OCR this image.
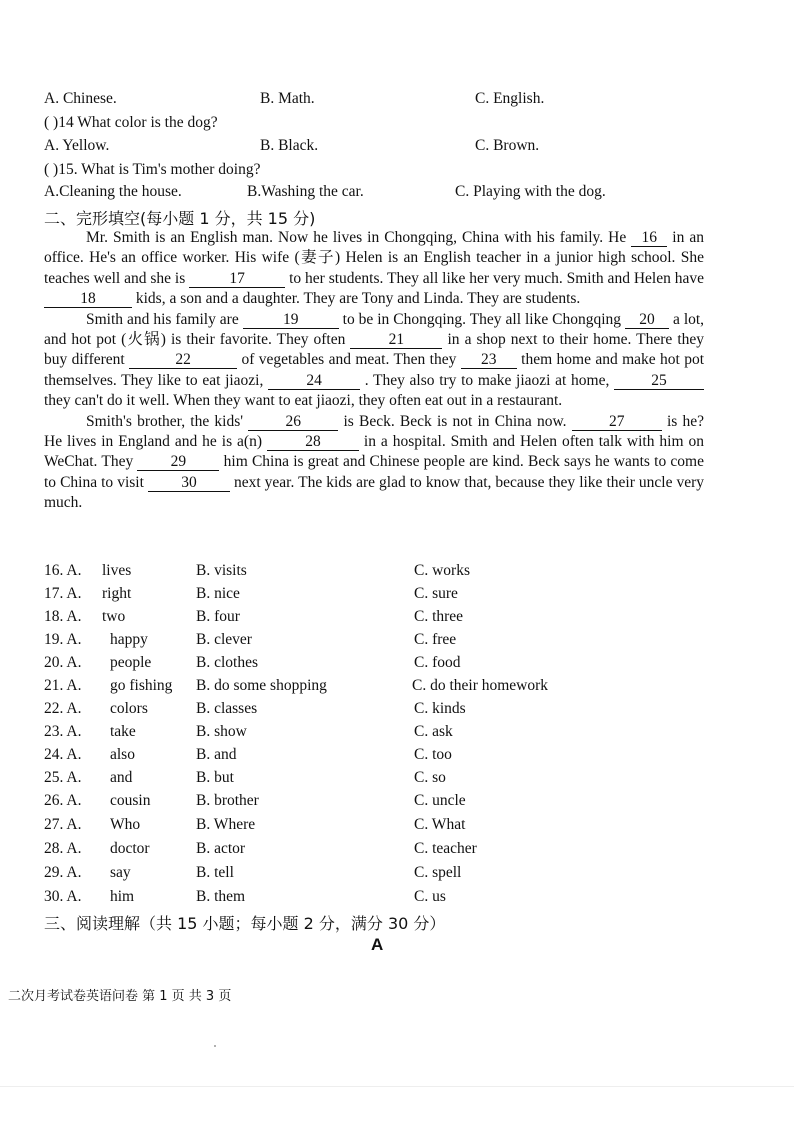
A. Chinese.	B. Math.	C. English.
( )14 What color is the dog?
A. Yellow.	B. Black.	C. Brown.
( )15. What is Tim's mother doing?
A.Cleaning the house.	B.Washing the car.	C. Playing with the dog.
二、完形填空(每小题 1 分，共 15 分)

Mr. Smith is an English man. Now he lives in Chongqing, China with his family. He 16 in an office. He's an office worker. His wife (妻子) Helen is an English teacher in a junior high school. She teaches well and she is	17	to her students. They all like her very much. Smith and Helen have 18	kids, a son and a daughter. They are Tony and Linda. They are students.

Smith and his family are	19	to be in Chongqing. They all like Chongqing 20 a lot, and hot pot (火锅) is their favorite. They often	21	in a shop next to their home. There they buy different	22	of vegetables and meat. Then they 23 them home and make hot pot themselves. They like to eat jiaozi,	24	. They also try to make jiaozi at home,	25 they can't do it well. When they want to eat jiaozi, they often eat out in a restaurant.

Smith's brother, the kids'	26	is Beck. Beck is not in China now.	27	is he? He lives in England and he is a(n)	28	in a hospital. Smith and Helen often talk with him on WeChat. They 29 him China is great and Chinese people are kind. Beck says he wants to come to China to visit 30 next year. The kids are glad to know that, because they like their uncle very much.

16. A. lives	B. visits	C. works
17. A. right	B. nice	C. sure
18. A. two	B. four	C. three
19. A. happy	B. clever	C. free
20. A. people	B. clothes	C. food
21. A. go fishing B. do some shopping	C. do their homework
22. A. colors	B. classes	C. kinds
23. A. take	B. show	C. ask
24. A. also	B. and	C. too
25. A. and	B. but	C. so
26. A. cousin	B. brother	C. uncle
27. A. Who	B. Where	C. What
28. A. doctor	B. actor	C. teacher
29. A. say	B. tell	C. spell
30. A. him	B. them	C. us
三、阅读理解（共 15 小题；每小题 2 分，满分 30 分）
A
二次月考试卷英语问卷 第 1 页 共 3 页
